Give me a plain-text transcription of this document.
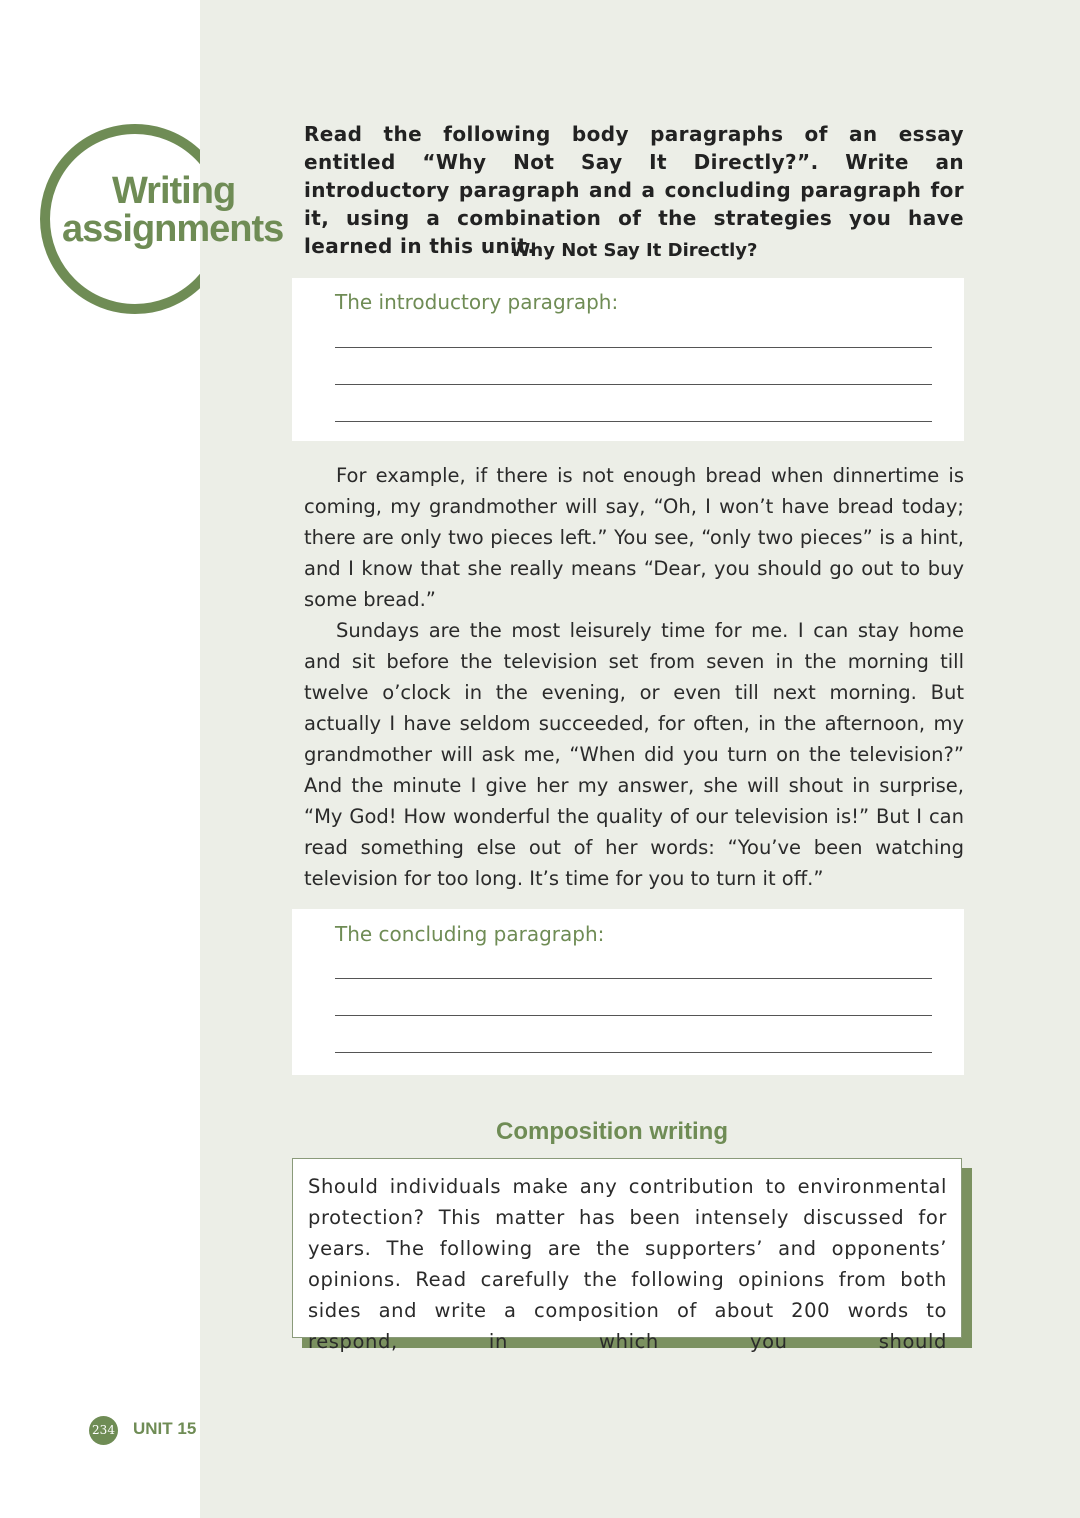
Writing
assignments
Read the following body paragraphs of an essay entitled “Why Not Say It Directly?”. Write an introductory paragraph and a concluding paragraph for it, using a combination of the strategies you have learned in this unit.
Why Not Say It Directly?
The introductory paragraph:

For example, if there is not enough bread when dinnertime is coming, my grandmother will say, “Oh, I won’t have bread today; there are only two pieces left.” You see, “only two pieces” is a hint, and I know that she really means “Dear, you should go out to buy some bread.”

Sundays are the most leisurely time for me. I can stay home and sit before the television set from seven in the morning till twelve o’clock in the evening, or even till next morning. But actually I have seldom succeeded, for often, in the afternoon, my grandmother will ask me, “When did you turn on the television?” And the minute I give her my answer, she will shout in surprise, “My God! How wonderful the quality of our television is!” But I can read something else out of her words: “You’ve been watching television for too long. It’s time for you to turn it off.”

The concluding paragraph:
Composition writing
Should individuals make any contribution to environmental protection? This matter has been intensely discussed for years. The following are the supporters’ and opponents’ opinions. Read carefully the following opinions from both sides and write a composition of about 200 words to respond, in which you should
234 UNIT 15
